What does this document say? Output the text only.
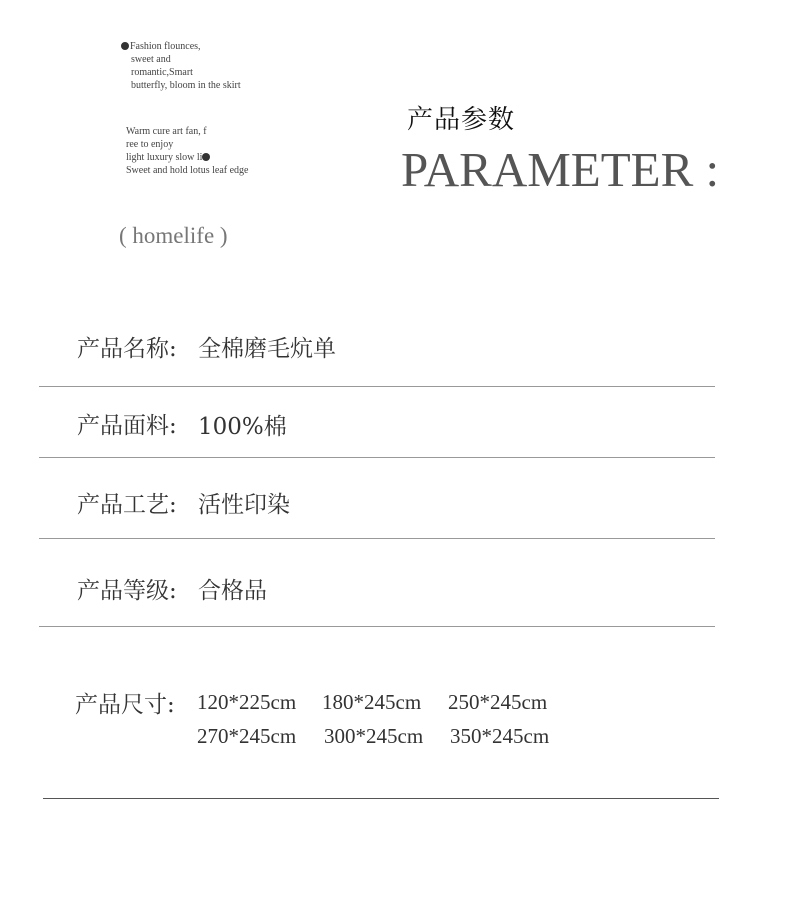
Fashion flounces,
sweet and
romantic,Smart
butterfly, bloom in the skirt
Warm cure art fan, f
ree to enjoy
light luxury slow li
Sweet and hold lotus leaf edge
( homelife )
产品参数
PARAMETER :
产品名称: 全棉磨毛炕单
产品面料: 100%棉
产品工艺: 活性印染
产品等级: 合格品
产品尺寸: 120*225cm 180*245cm 250*245cm
270*245cm 300*245cm 350*245cm
